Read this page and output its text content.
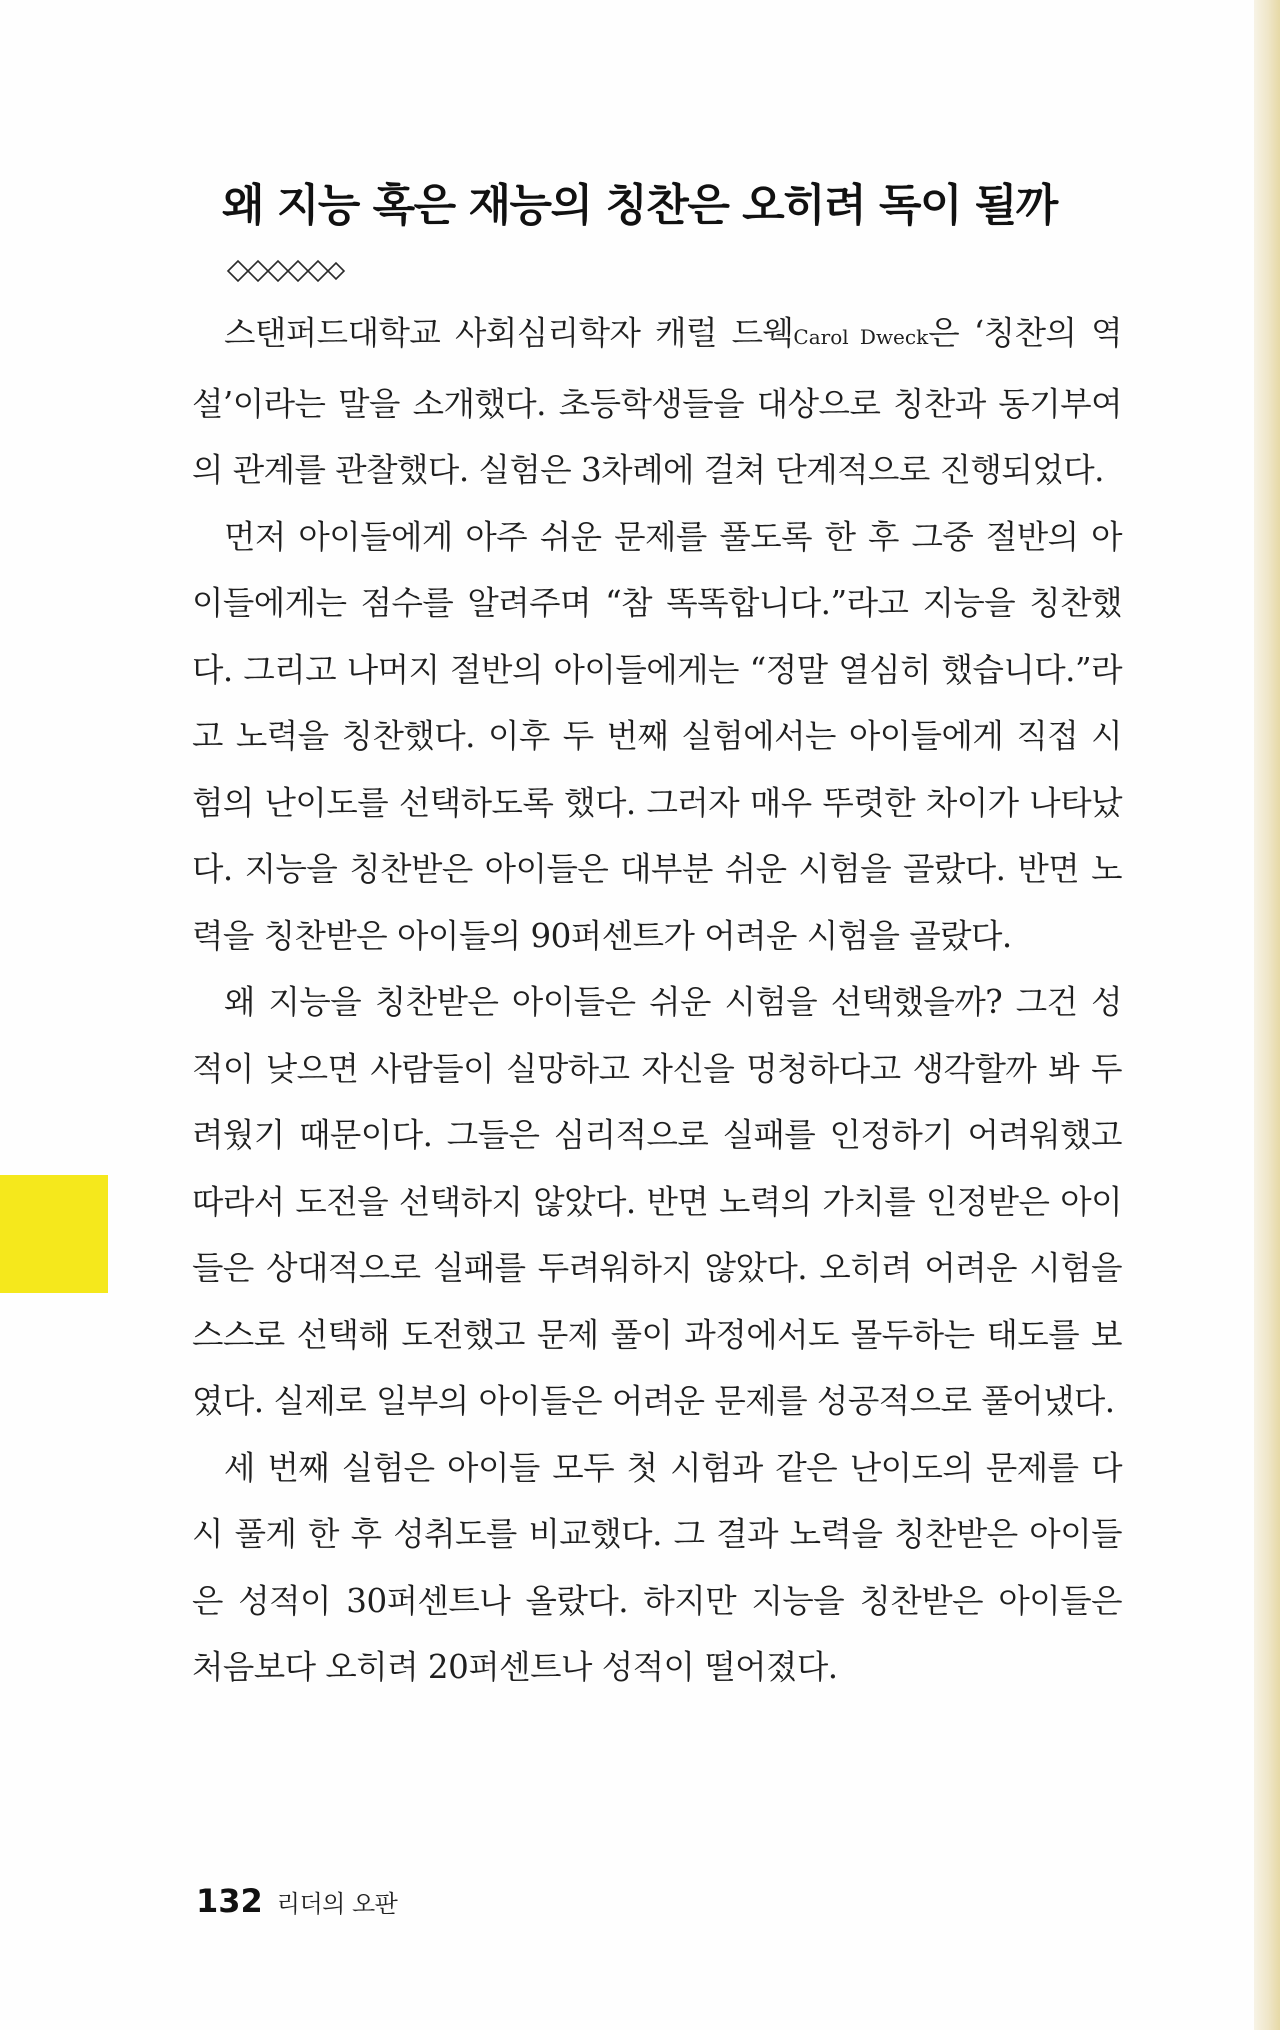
왜 지능 혹은 재능의 칭찬은 오히려 독이 될까

스탠퍼드대학교 사회심리학자 캐럴 드웩Carol Dweck은 ‘칭찬의 역설’이라는 말을 소개했다. 초등학생들을 대상으로 칭찬과 동기부여의 관계를 관찰했다. 실험은 3차례에 걸쳐 단계적으로 진행되었다.

먼저 아이들에게 아주 쉬운 문제를 풀도록 한 후 그중 절반의 아이들에게는 점수를 알려주며 “참 똑똑합니다.”라고 지능을 칭찬했다. 그리고 나머지 절반의 아이들에게는 “정말 열심히 했습니다.”라고 노력을 칭찬했다. 이후 두 번째 실험에서는 아이들에게 직접 시험의 난이도를 선택하도록 했다. 그러자 매우 뚜렷한 차이가 나타났다. 지능을 칭찬받은 아이들은 대부분 쉬운 시험을 골랐다. 반면 노력을 칭찬받은 아이들의 90퍼센트가 어려운 시험을 골랐다.

왜 지능을 칭찬받은 아이들은 쉬운 시험을 선택했을까? 그건 성적이 낮으면 사람들이 실망하고 자신을 멍청하다고 생각할까 봐 두려웠기 때문이다. 그들은 심리적으로 실패를 인정하기 어려워했고 따라서 도전을 선택하지 않았다. 반면 노력의 가치를 인정받은 아이들은 상대적으로 실패를 두려워하지 않았다. 오히려 어려운 시험을 스스로 선택해 도전했고 문제 풀이 과정에서도 몰두하는 태도를 보였다. 실제로 일부의 아이들은 어려운 문제를 성공적으로 풀어냈다.

세 번째 실험은 아이들 모두 첫 시험과 같은 난이도의 문제를 다시 풀게 한 후 성취도를 비교했다. 그 결과 노력을 칭찬받은 아이들은 성적이 30퍼센트나 올랐다. 하지만 지능을 칭찬받은 아이들은 처음보다 오히려 20퍼센트나 성적이 떨어졌다.

132 리더의 오판
